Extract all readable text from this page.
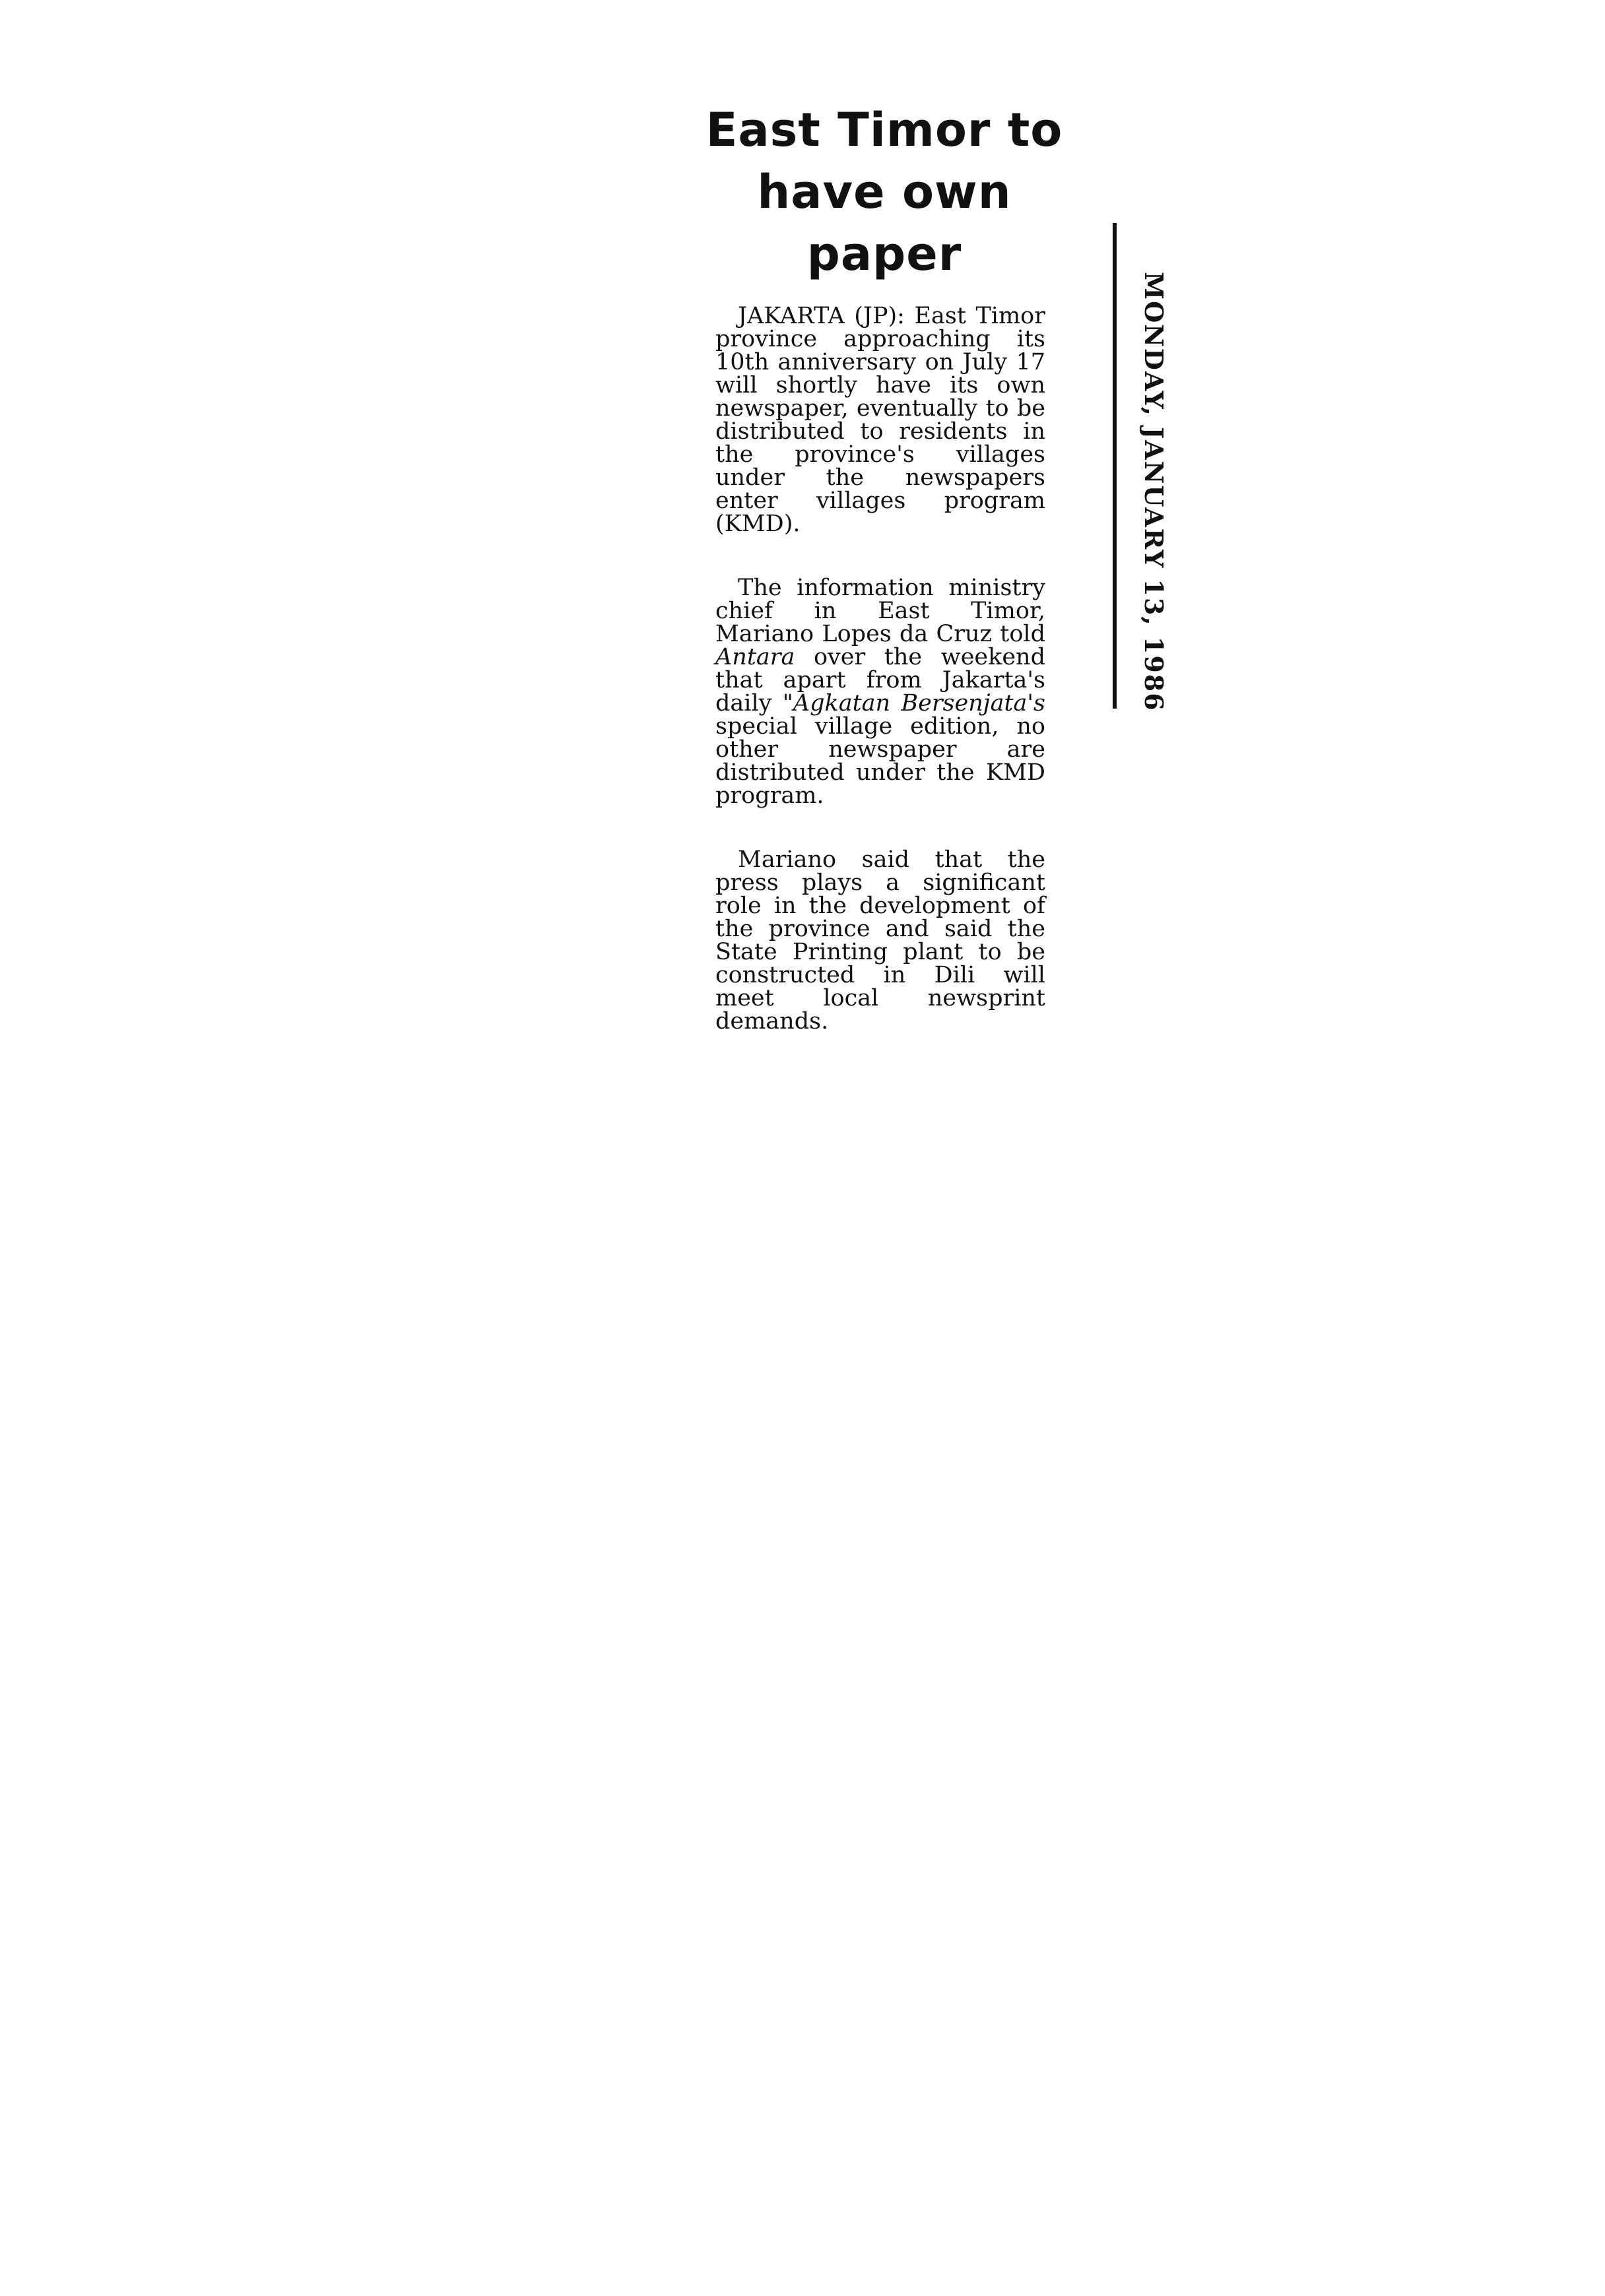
East Timor to
have own paper

JAKARTA (JP): East Timor province approaching its 10th anniversary on July 17 will shortly have its own newspaper, eventually to be distributed to residents in the province's villages under the newspapers enter villages program (KMD).

The information ministry chief in East Timor, Mariano Lopes da Cruz told Antara over the weekend that apart from Jakarta's daily "Agkatan Bersenjata's special village edition, no other newspaper are distributed under the KMD program.

Mariano said that the press plays a significant role in the development of the province and said the State Printing plant to be constructed in Dili will meet local newsprint demands.

MONDAY, JANUARY 13, 1986
